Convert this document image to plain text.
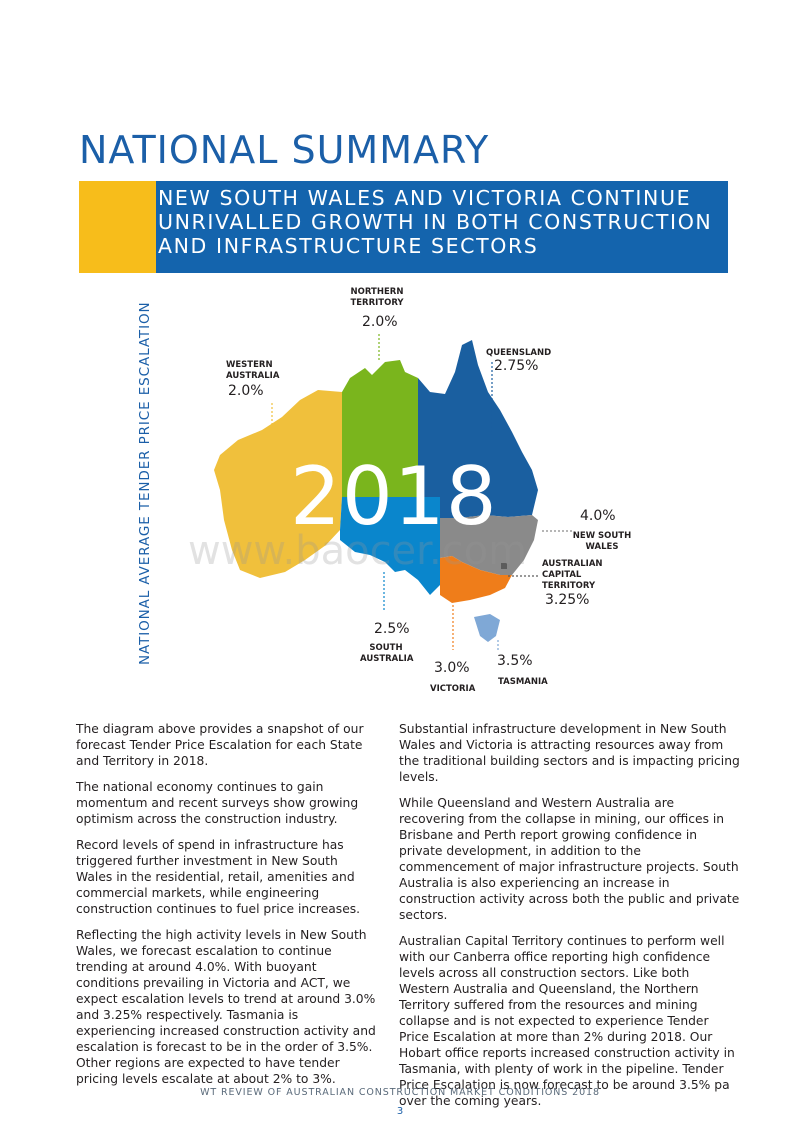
NATIONAL SUMMARY
NEW SOUTH WALES AND VICTORIA CONTINUE
UNRIVALLED GROWTH IN BOTH CONSTRUCTION
AND INFRASTRUCTURE SECTORS
NATIONAL AVERAGE TENDER PRICE ESCALATION 2018
www.baocer.com
NORTHERN
TERRITORY
2.0%
WESTERN
AUSTRALIA
2.0%
QUEENSLAND
2.75%
4.0%
NEW SOUTH
WALES
AUSTRALIAN
CAPITAL
TERRITORY
3.25%
2.5%
SOUTH
AUSTRALIA
3.0%
VICTORIA
3.5%
TASMANIA

The diagram above provides a snapshot of our forecast Tender Price Escalation for each State and Territory in 2018.

The national economy continues to gain momentum and recent surveys show growing optimism across the construction industry.

Record levels of spend in infrastructure has triggered further investment in New South Wales in the residential, retail, amenities and commercial markets, while engineering construction continues to fuel price increases.

Reflecting the high activity levels in New South Wales, we forecast escalation to continue trending at around 4.0%. With buoyant conditions prevailing in Victoria and ACT, we expect escalation levels to trend at around 3.0% and 3.25% respectively. Tasmania is experiencing increased construction activity and escalation is forecast to be in the order of 3.5%. Other regions are expected to have tender pricing levels escalate at about 2% to 3%.

Substantial infrastructure development in New South Wales and Victoria is attracting resources away from the traditional building sectors and is impacting pricing levels.

While Queensland and Western Australia are recovering from the collapse in mining, our offices in Brisbane and Perth report growing confidence in private development, in addition to the commencement of major infrastructure projects. South Australia is also experiencing an increase in construction activity across both the public and private sectors.

Australian Capital Territory continues to perform well with our Canberra office reporting high confidence levels across all construction sectors. Like both Western Australia and Queensland, the Northern Territory suffered from the resources and mining collapse and is not expected to experience Tender Price Escalation at more than 2% during 2018. Our Hobart office reports increased construction activity in Tasmania, with plenty of work in the pipeline. Tender Price Escalation is now forecast to be around 3.5% pa over the coming years.

WT REVIEW OF AUSTRALIAN CONSTRUCTION MARKET CONDITIONS 2018
3
